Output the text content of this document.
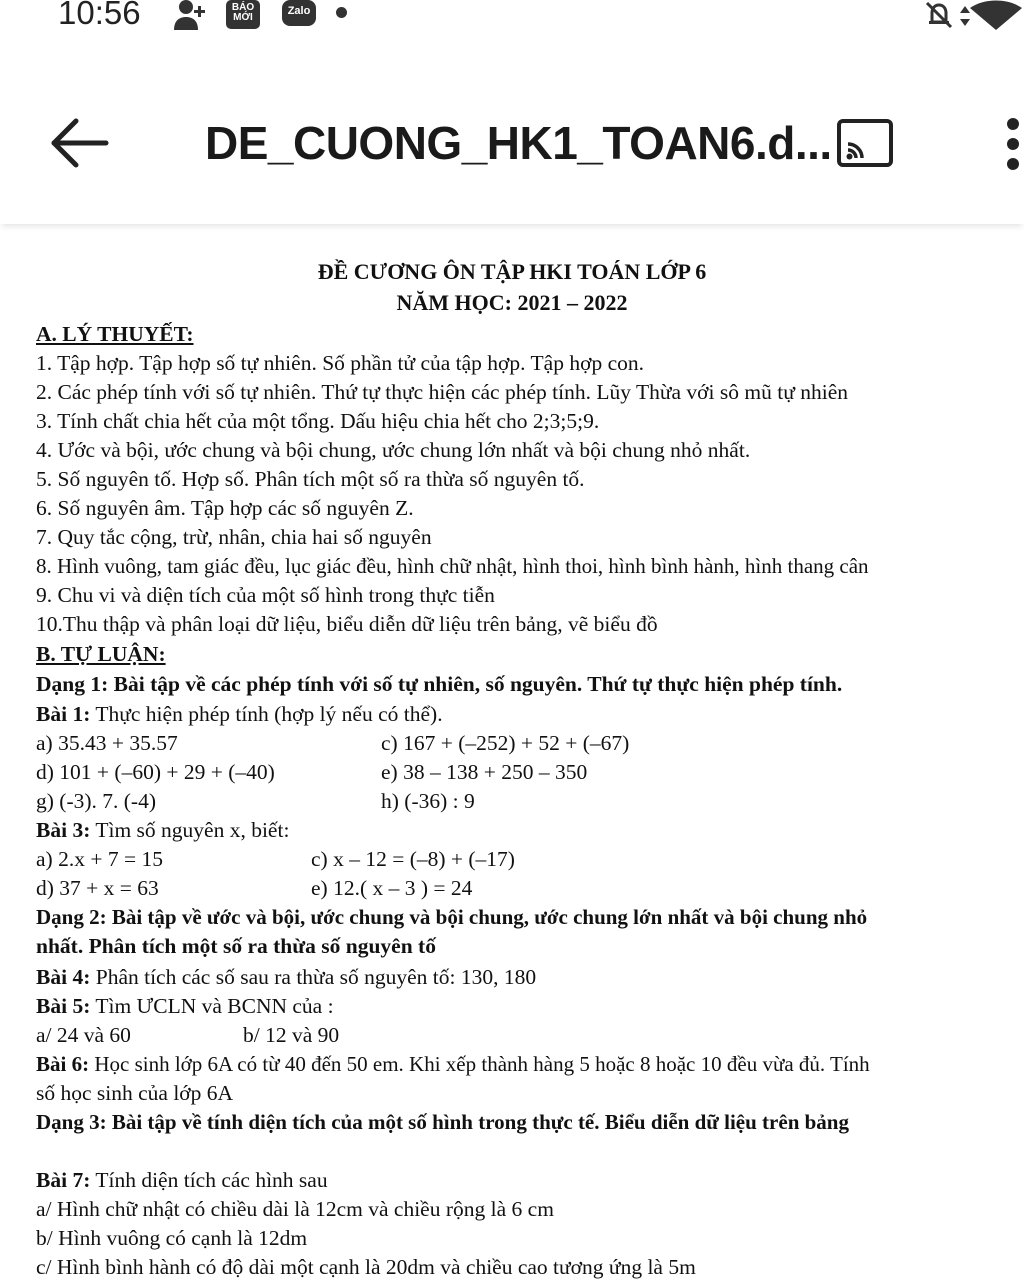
10:56	BÁO MỚI
Zalo
DE_CUONG_HK1_TOAN6.d...
ĐỀ CƯƠNG ÔN TẬP HKI TOÁN LỚP 6
NĂM HỌC: 2021 – 2022
A. LÝ THUYẾT:
1. Tập hợp. Tập hợp số tự nhiên. Số phần tử của tập hợp. Tập hợp con.
2. Các phép tính với số tự nhiên. Thứ tự thực hiện các phép tính. Lũy Thừa với sô mũ tự nhiên
3. Tính chất chia hết của một tổng. Dấu hiệu chia hết cho 2;3;5;9.
4. Ước và bội, ước chung và bội chung, ước chung lớn nhất và bội chung nhỏ nhất.
5. Số nguyên tố. Hợp số. Phân tích một số ra thừa số nguyên tố.
6. Số nguyên âm. Tập hợp các số nguyên Z.
7. Quy tắc cộng, trừ, nhân, chia hai số nguyên
8. Hình vuông, tam giác đều, lục giác đều, hình chữ nhật, hình thoi, hình bình hành, hình thang cân
9. Chu vi và diện tích của một số hình trong thực tiễn
10.Thu thập và phân loại dữ liệu, biểu diễn dữ liệu trên bảng, vẽ biểu đồ
B. TỰ LUẬN:
Dạng 1: Bài tập về các phép tính với số tự nhiên, số nguyên. Thứ tự thực hiện phép tính.
Bài 1: Thực hiện phép tính (hợp lý nếu có thể).
a) 35.43 + 35.57	c) 167 + (–252) + 52 + (–67)
d) 101 + (–60) + 29 + (–40)	e) 38 – 138 + 250 – 350
g) (-3). 7. (-4)	h) (-36) : 9
Bài 3: Tìm số nguyên x, biết:
a) 2.x + 7 = 15	c) x – 12 = (–8) + (–17)
d) 37 + x = 63	e) 12.( x – 3 ) = 24
Dạng 2: Bài tập về ước và bội, ước chung và bội chung, ước chung lớn nhất và bội chung nhỏ
nhất. Phân tích một số ra thừa số nguyên tố
Bài 4: Phân tích các số sau ra thừa số nguyên tố: 130, 180
Bài 5: Tìm ƯCLN và BCNN của :
a/ 24 và 60	b/ 12 và 90
Bài 6: Học sinh lớp 6A có từ 40 đến 50 em. Khi xếp thành hàng 5 hoặc 8 hoặc 10 đều vừa đủ. Tính
số học sinh của lớp 6A
Dạng 3: Bài tập về tính diện tích của một số hình trong thực tế. Biểu diễn dữ liệu trên bảng
Bài 7: Tính diện tích các hình sau
a/ Hình chữ nhật có chiều dài là 12cm và chiều rộng là 6 cm
b/ Hình vuông có cạnh là 12dm
c/ Hình bình hành có độ dài một cạnh là 20dm và chiều cao tương ứng là 5m
